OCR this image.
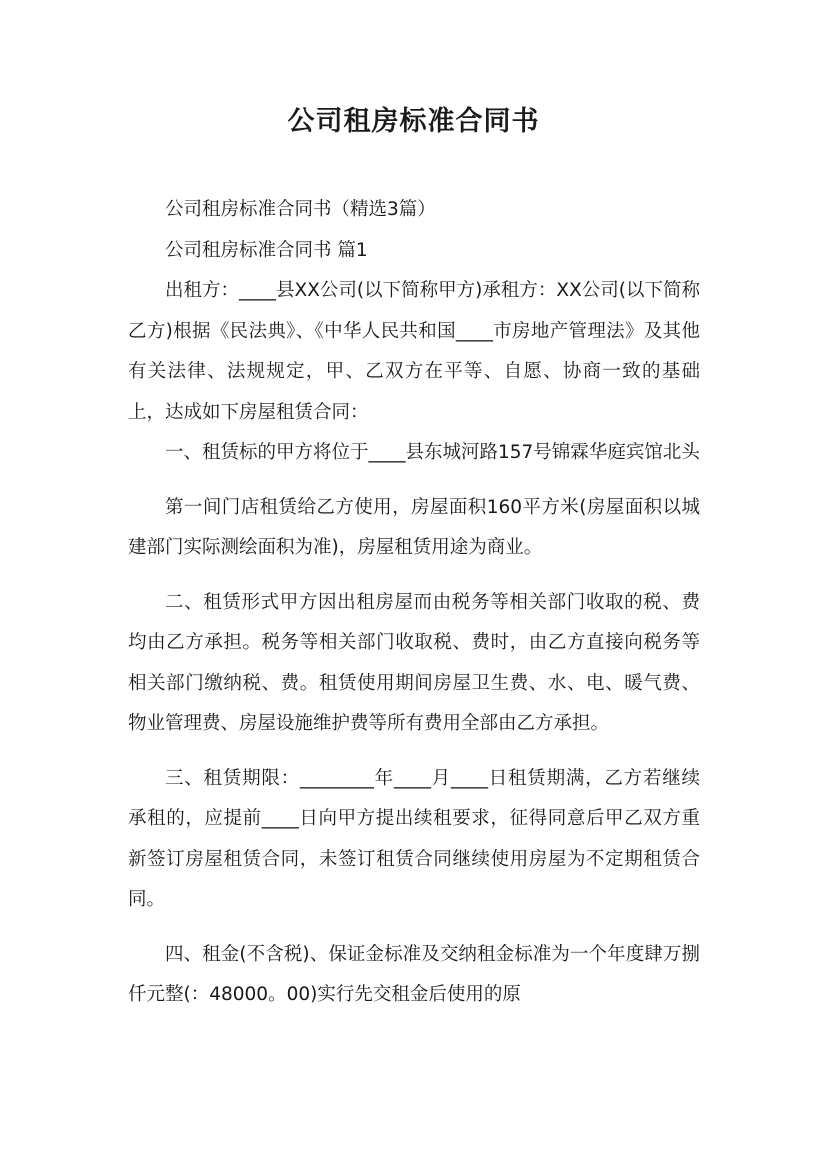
公司租房标准合同书

公司租房标准合同书（精选3篇）

公司租房标准合同书 篇1

出租方：____县XX公司(以下简称甲方)承租方：XX公司(以下简称乙方)根据《民法典》、《中华人民共和国____市房地产管理法》及其他有关法律、法规规定，甲、乙双方在平等、自愿、协商一致的基础上，达成如下房屋租赁合同：

一、租赁标的甲方将位于____县东城河路157号锦霖华庭宾馆北头

第一间门店租赁给乙方使用，房屋面积160平方米(房屋面积以城建部门实际测绘面积为准)，房屋租赁用途为商业。

二、租赁形式甲方因出租房屋而由税务等相关部门收取的税、费均由乙方承担。税务等相关部门收取税、费时，由乙方直接向税务等相关部门缴纳税、费。租赁使用期间房屋卫生费、水、电、暖气费、物业管理费、房屋设施维护费等所有费用全部由乙方承担。

三、租赁期限：________年____月____日租赁期满，乙方若继续承租的，应提前____日向甲方提出续租要求，征得同意后甲乙双方重新签订房屋租赁合同，未签订租赁合同继续使用房屋为不定期租赁合同。

四、租金(不含税)、保证金标准及交纳租金标准为一个年度肆万捌仟元整(：48000。00)实行先交租金后使用的原
